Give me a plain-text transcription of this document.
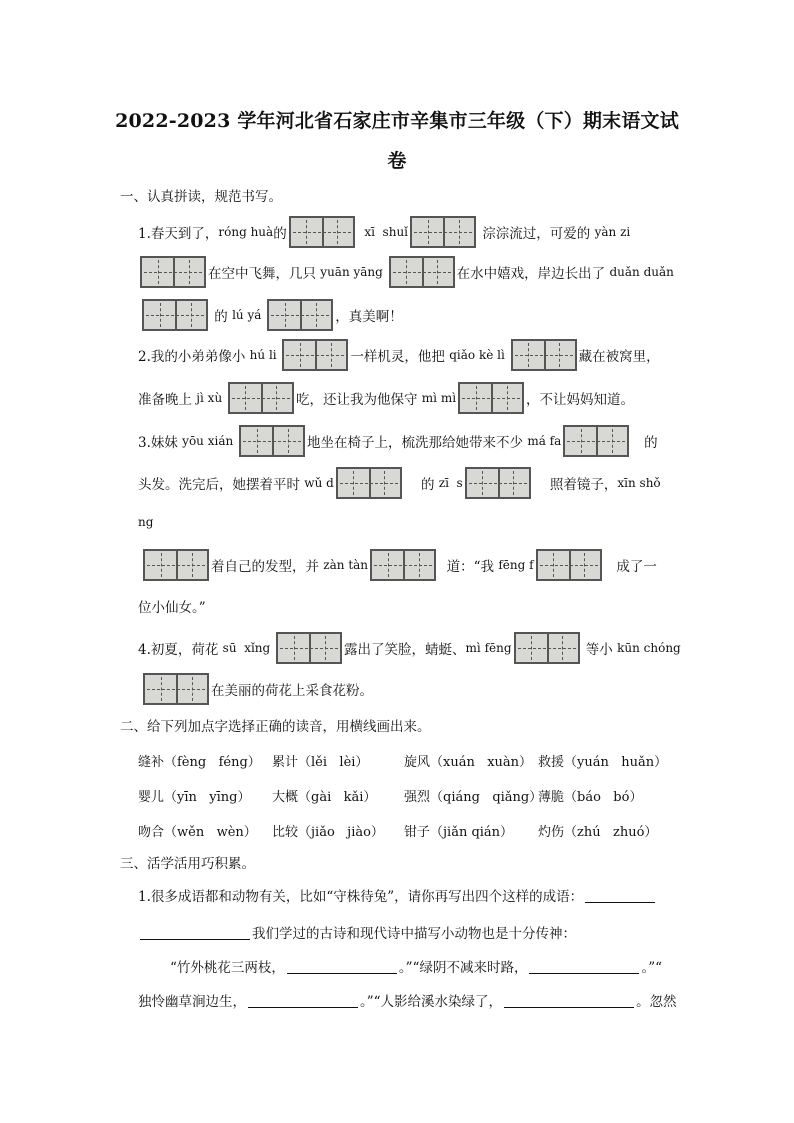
2022-2023 学年河北省石家庄市辛集市三年级（下）期末语文试
卷
一、认真拼读，规范书写。
1.春天到了， róng huà 的	xī  shuǐ	淙淙流过，可爱的 yàn zi
在空中飞舞，几只 yuān yāng	在水中嬉戏，岸边长出了 duǎn duǎn
的 lú yá	，真美啊！
2.我的小弟弟像小 hú li	一样机灵，他把 qiǎo kè lì	藏在被窝里，
准备晚上 jì xù	吃，还让我为他保守 mì mì	，不让妈妈知道。
3.妹妹 yōu xián	地坐在椅子上，梳洗那给她带来不少 má fa	的
头发。洗完后，她摆着平时 wǔ d	的 zī  s	照着镜子， xīn shǒ
ng
着自己的发型，并 zàn tàn	道：“我 fēng f	成了一
位小仙女。”
4.初夏，荷花 sū  xǐng	露出了笑脸，蜻蜓、 mì fēng	等小 kūn chóng
在美丽的荷花上采食花粉。
二、给下列加点字选择正确的读音，用横线画出来。
缝补（fèng   féng） 累计（lěi   lèi）	旋风（xuán   xuàn） 救援（yuán   huǎn）
婴儿（yīn   yīng） 大概（gài   kǎi） 强烈（qiáng   qiǎng）
薄脆（báo   bó）
吻合（wěn   wèn） 比较（jiǎo   jiào） 钳子（jiǎn qián） 灼伤（zhú   zhuó）
三、活学活用巧积累。
1.很多成语都和动物有关，比如“守株待兔”，请你再写出四个这样的成语：
我们学过的古诗和现代诗中描写小动物也是十分传神：
“竹外桃花三两枝，	。”“绿阴不减来时路，	。”“
独怜幽草涧边生，	。”“人影给溪水染绿了，	。忽然
